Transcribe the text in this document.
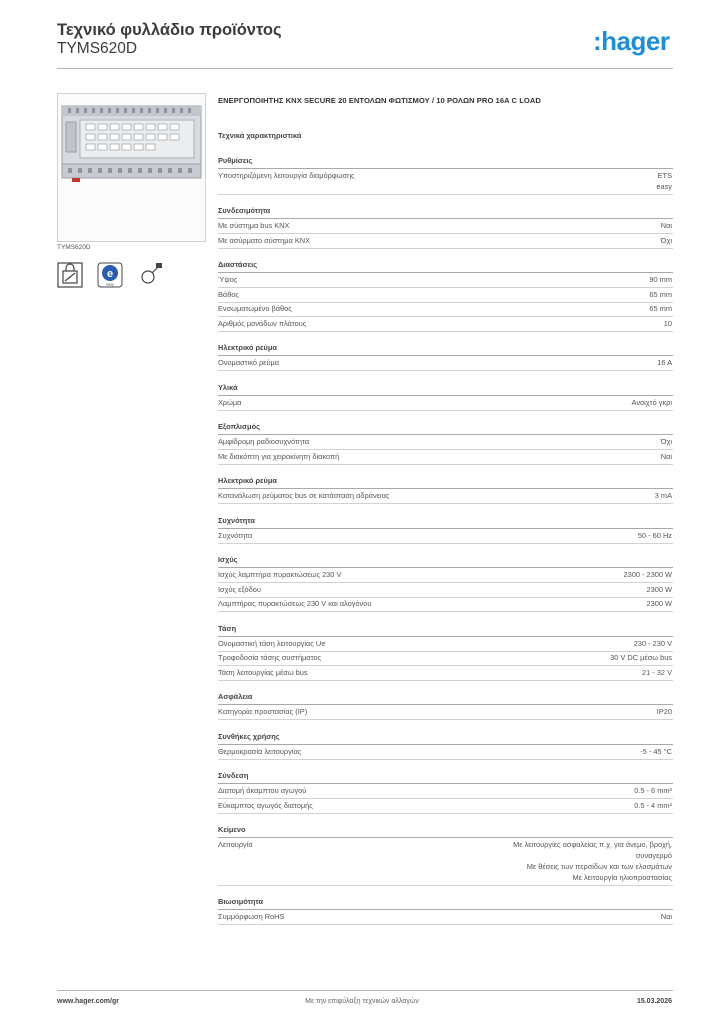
Τεχνικό φυλλάδιο προϊόντος
TYMS620D	:hager
TYMS620D
e
easy
ΕΝΕΡΓΟΠΟΙΗΤΗΣ KNX SECURE 20 ΕΝΤΟΛΩΝ ΦΩΤΙΣΜΟΥ / 10 ΡΟΛΩΝ PRO 16A C LOAD
Τεχνικά χαρακτηριστικά
Ρυθμίσεις
Υποστηριζόμενη λειτουργία διαμόρφωσης	ETS
easy
Συνδεσιμότητα
Με σύστημα bus KNX	Ναι
Με ασύρματο σύστημα KNX	Όχι
Διαστάσεις
Ύψος	90 mm
Βάθος	65 mm
Ενσωματωμένο βάθος	65 mm
Αριθμός μονάδων πλάτους	10
Ηλεκτρικό ρεύμα
Ονομαστικό ρεύμα	16 A
Υλικά
Χρώμα	Ανοιχτό γκρι
Εξοπλισμός
Αμφίδρομη ραδιοσυχνότητα	Όχι
Με διακόπτη για χειροκίνητη διακοπή	Ναι
Ηλεκτρικό ρεύμα
Κατανάλωση ρεύματος bus σε κατάσταση αδράνειας	3 mA
Συχνότητα
Συχνότητα	50 - 60 Hz
Ισχύς
Ισχύς λαμπτήρα πυρακτώσεως 230 V	2300 - 2300 W
Ισχύς εξόδου	2300 W
Λαμπτήρας πυρακτώσεως 230 V και αλογόνου	2300 W
Τάση
Ονομαστική τάση λειτουργίας Ue	230 - 230 V
Τροφοδοσία τάσης συστήματος	30 V DC μέσω bus
Τάση λειτουργίας μέσω bus	21 - 32 V
Ασφάλεια
Κατηγορία προστασίας (IP)	IP20
Συνθήκες χρήσης
Θερμοκρασία λειτουργίας	-5 - 45 °C
Σύνδεση
Διατομή άκαμπτου αγωγού	0.5 - 6 mm²
Εύκαμπτος αγωγός διατομής	0.5 - 4 mm²
Κείμενο
Λειτουργία	Με λειτουργίες ασφαλείας π.χ. για άνεμο, βροχή,
συναγερμό
Με θέσεις των περσίδων και των ελασμάτων
Με λειτουργία ηλιοπροστασίας
Βιωσιμότητα
Συμμόρφωση RoHS	Ναι
www.hager.com/gr	Με την επιφύλαξη τεχνικών αλλαγών	15.03.2026
